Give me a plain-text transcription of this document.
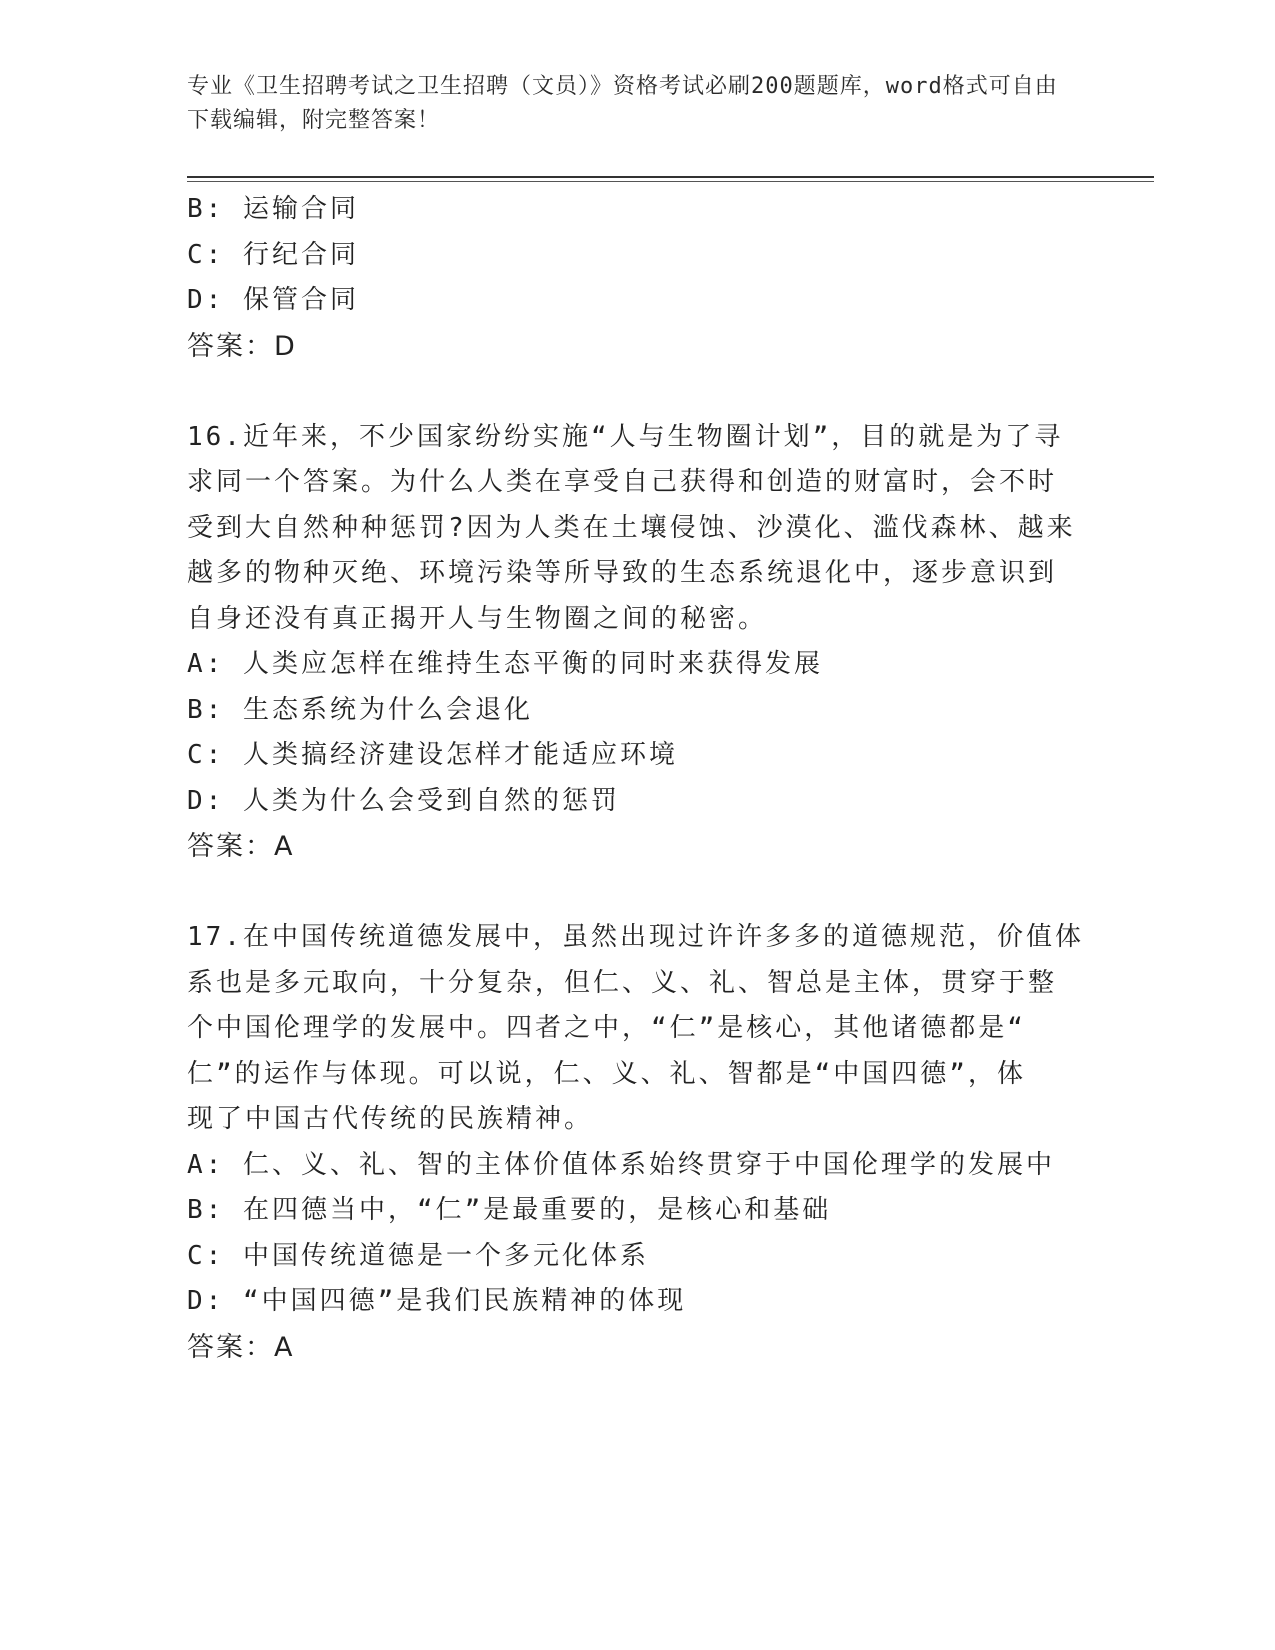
专业《卫生招聘考试之卫生招聘（文员）》资格考试必刷200题题库，word格式可自由下载编辑，附完整答案！
B: 运输合同
C: 行纪合同
D: 保管合同
答案：D
16.近年来，不少国家纷纷实施“人与生物圈计划”，目的就是为了寻
求同一个答案。为什么人类在享受自己获得和创造的财富时，会不时
受到大自然种种惩罚?因为人类在土壤侵蚀、沙漠化、滥伐森林、越来
越多的物种灭绝、环境污染等所导致的生态系统退化中，逐步意识到
自身还没有真正揭开人与生物圈之间的秘密。
A: 人类应怎样在维持生态平衡的同时来获得发展
B: 生态系统为什么会退化
C: 人类搞经济建设怎样才能适应环境
D: 人类为什么会受到自然的惩罚
答案：A
17.在中国传统道德发展中，虽然出现过许许多多的道德规范，价值体
系也是多元取向，十分复杂，但仁、义、礼、智总是主体，贯穿于整
个中国伦理学的发展中。四者之中，“仁”是核心，其他诸德都是“
仁”的运作与体现。可以说，仁、义、礼、智都是“中国四德”，体
现了中国古代传统的民族精神。
A: 仁、义、礼、智的主体价值体系始终贯穿于中国伦理学的发展中
B: 在四德当中，“仁”是最重要的，是核心和基础
C: 中国传统道德是一个多元化体系
D: “中国四德”是我们民族精神的体现
答案：A
